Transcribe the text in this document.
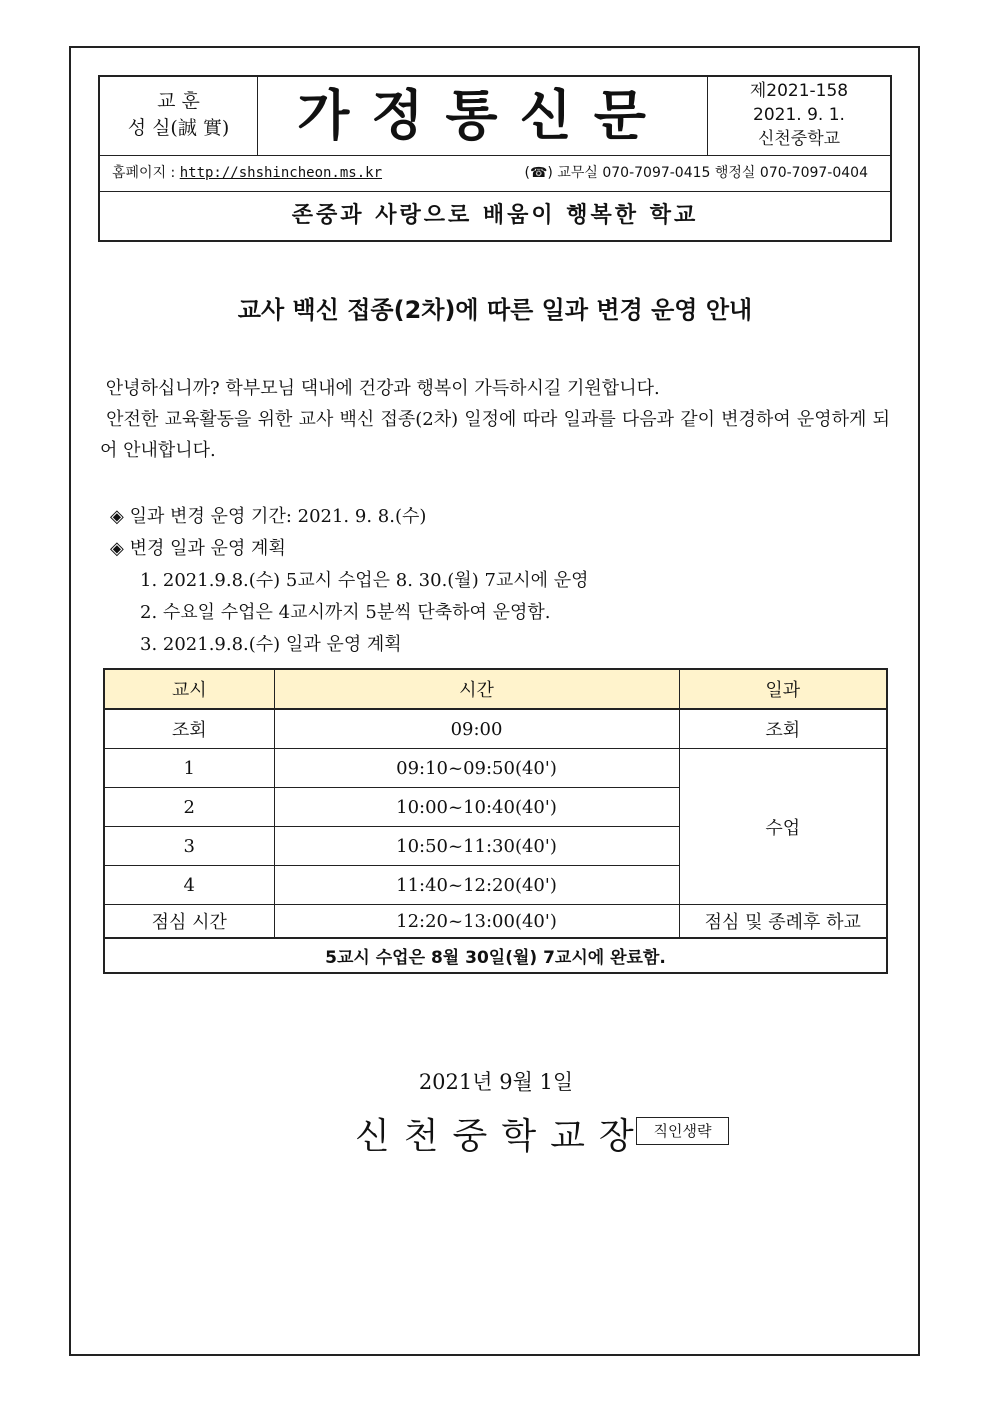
교 훈
성 실(誠 實)	가정통신문	제2021-158
2021. 9. 1.
신천중학교
홈페이지 : http://shshincheon.ms.kr	(☎) 교무실 070-7097-0415 행정실 070-7097-0404
존중과 사랑으로 배움이 행복한 학교
교사 백신 접종(2차)에 따른 일과 변경 운영 안내
안녕하십니까? 학부모님 댁내에 건강과 행복이 가득하시길 기원합니다.
안전한 교육활동을 위한 교사 백신 접종(2차) 일정에 따라 일과를 다음과 같이 변경하여 운영하게 되어 안내합니다.
◈ 일과 변경 운영 기간: 2021. 9. 8.(수)
◈ 변경 일과 운영 계획
1. 2021.9.8.(수) 5교시 수업은 8. 30.(월) 7교시에 운영
2. 수요일 수업은 4교시까지 5분씩 단축하여 운영함.
3. 2021.9.8.(수) 일과 운영 계획
교시	시간	일과
조회	09:00	조회
1	09:10~09:50(40')	수업
2	10:00~10:40(40')	
3	10:50~11:30(40')	
4	11:40~12:20(40')	
점심 시간	12:20~13:00(40')	점심 및 종례후 하교
5교시 수업은 8월 30일(월) 7교시에 완료함.		
2021년 9월 1일
신천중학교장 직인생략
